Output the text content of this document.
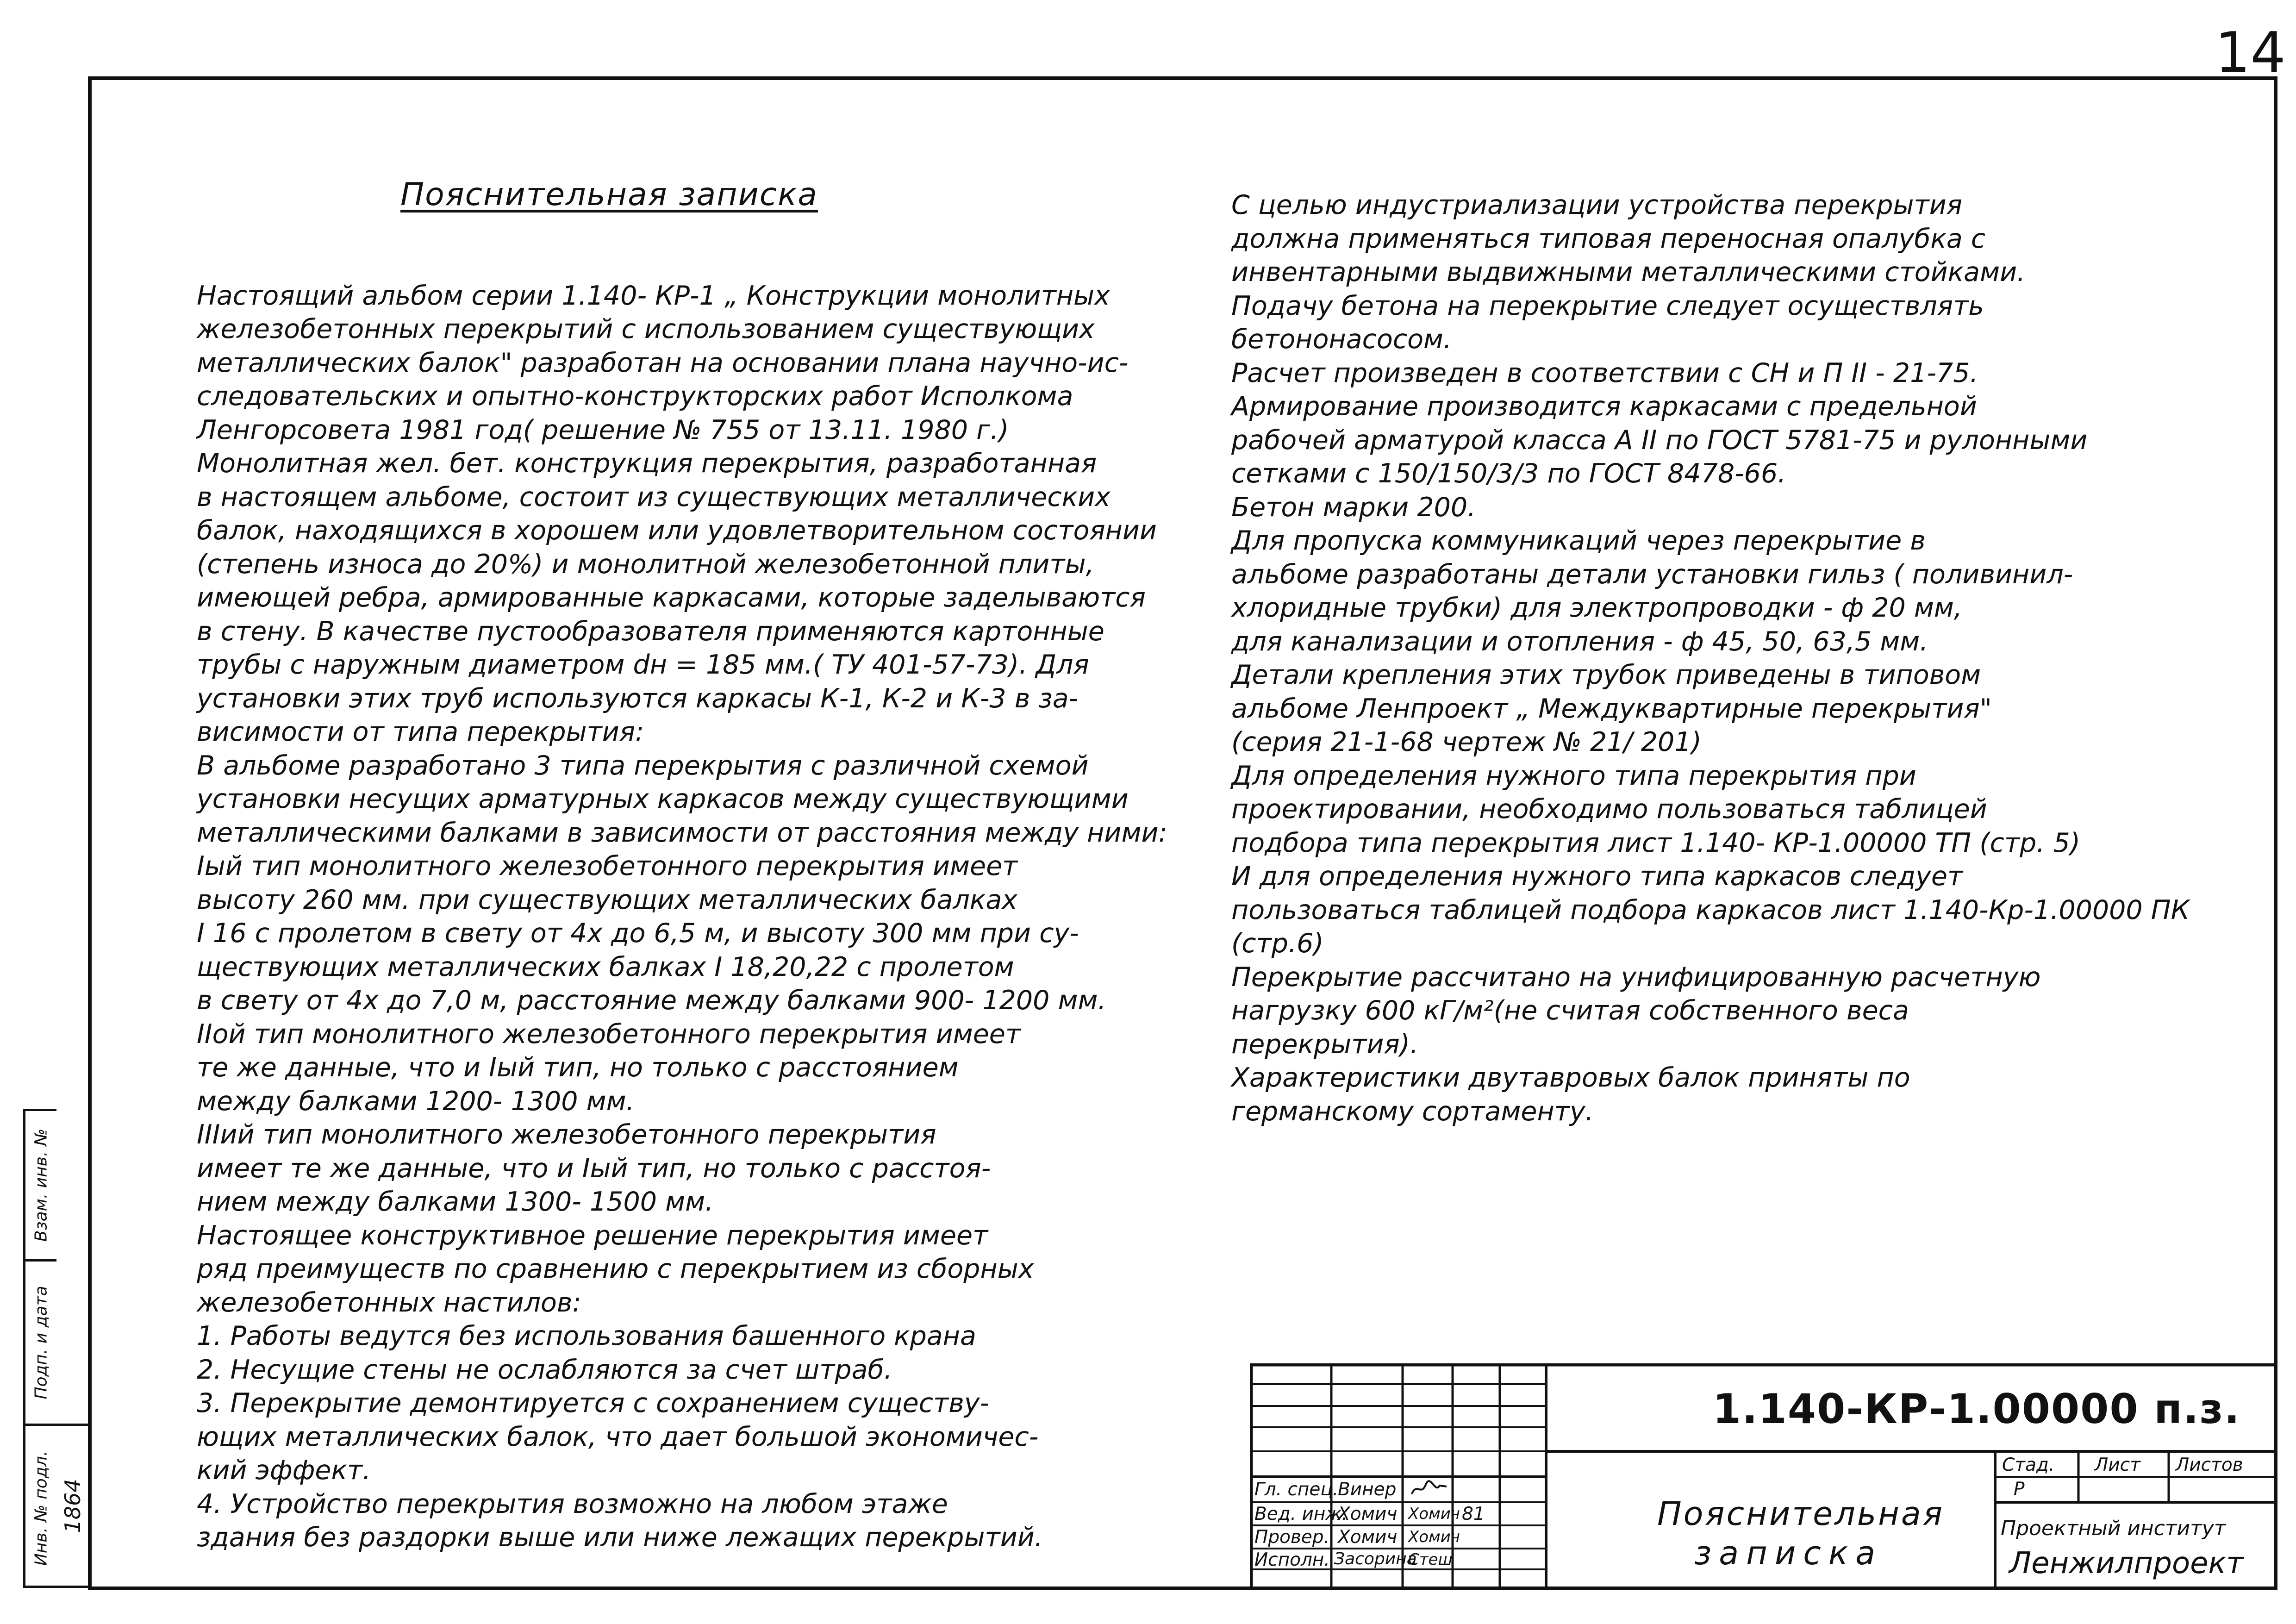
14

Пояснительная записка

Настоящий альбом серии 1.140- КР-1 „ Конструкции монолитных
железобетонных перекрытий с использованием существующих
металлических балок" разработан на основании плана научно-ис-
следовательских и опытно-конструкторских работ Исполкома
Ленгорсовета 1981 год( решение № 755 от 13.11. 1980 г.)
Монолитная жел. бет. конструкция перекрытия, разработанная
в настоящем альбоме, состоит из существующих металлических
балок, находящихся в хорошем или удовлетворительном состоянии
(степень износа до 20%) и монолитной железобетонной плиты,
имеющей ребра, армированные каркасами, которые заделываются
в стену. В качестве пустообразователя применяются картонные
трубы с наружным диаметром dн = 185 мм.( ТУ 401-57-73). Для
установки этих труб используются каркасы К-1, К-2 и К-3 в за-
висимости от типа перекрытия:
В альбоме разработано 3 типа перекрытия с различной схемой
установки несущих арматурных каркасов между существующими
металлическими балками в зависимости от расстояния между ними:
Iый тип монолитного железобетонного перекрытия имеет
высоту 260 мм. при существующих металлических балках
I 16 с пролетом в свету от 4х до 6,5 м, и высоту 300 мм при су-
ществующих металлических балках I 18,20,22 с пролетом
в свету от 4х до 7,0 м, расстояние между балками 900- 1200 мм.
IIой тип монолитного железобетонного перекрытия имеет
те же данные, что и Iый тип, но только с расстоянием
между балками 1200- 1300 мм.
IIIий тип монолитного железобетонного перекрытия
имеет те же данные, что и Iый тип, но только с расстоя-
нием между балками 1300- 1500 мм.
Настоящее конструктивное решение перекрытия имеет
ряд преимуществ по сравнению с перекрытием из сборных
железобетонных настилов:
1. Работы ведутся без использования башенного крана
2. Несущие стены не ослабляются за счет штраб.
3. Перекрытие демонтируется с сохранением существу-
ющих металлических балок, что дает большой экономичес-
кий эффект.
4. Устройство перекрытия возможно на любом этаже
здания без раздорки выше или ниже лежащих перекрытий.

С целью индустриализации устройства перекрытия
должна применяться типовая переносная опалубка с
инвентарными выдвижными металлическими стойками.
Подачу бетона на перекрытие следует осуществлять
бетононасосом.
Расчет произведен в соответствии с СН и П II - 21-75.
Армирование производится каркасами с предельной
рабочей арматурой класса А II по ГОСТ 5781-75 и рулонными
сетками с 150/150/3/3 по ГОСТ 8478-66.
Бетон марки 200.
Для пропуска коммуникаций через перекрытие в
альбоме разработаны детали установки гильз ( поливинил-
хлоридные трубки) для электропроводки - ф 20 мм,
для канализации и отопления - ф 45, 50, 63,5 мм.
Детали крепления этих трубок приведены в типовом
альбоме Ленпроект „ Междуквартирные перекрытия"
(серия 21-1-68 чертеж № 21/ 201)
Для определения нужного типа перекрытия при
проектировании, необходимо пользоваться таблицей
подбора типа перекрытия лист 1.140- КР-1.00000 ТП (стр. 5)
И для определения нужного типа каркасов следует
пользоваться таблицей подбора каркасов лист 1.140-Кр-1.00000 ПК
(стр.6)
Перекрытие рассчитано на унифицированную расчетную
нагрузку 600 кГ/м²(не считая собственного веса
перекрытия).
Характеристики двутавровых балок приняты по
германскому сортаменту.

Взам. инв. №
Подп. и дата
Инв. № подл. 1864
1.140-КР-1.00000 п.з.
Пояснительная
записка
Стад. Лист Листов
Р
Проектный институт
Ленжилпроект
Гл. спец.
Винер
Вед. инж.
Хомич Хомич 81
Провер. Хомич Хомич
Исполн. Засорина
Стеш
